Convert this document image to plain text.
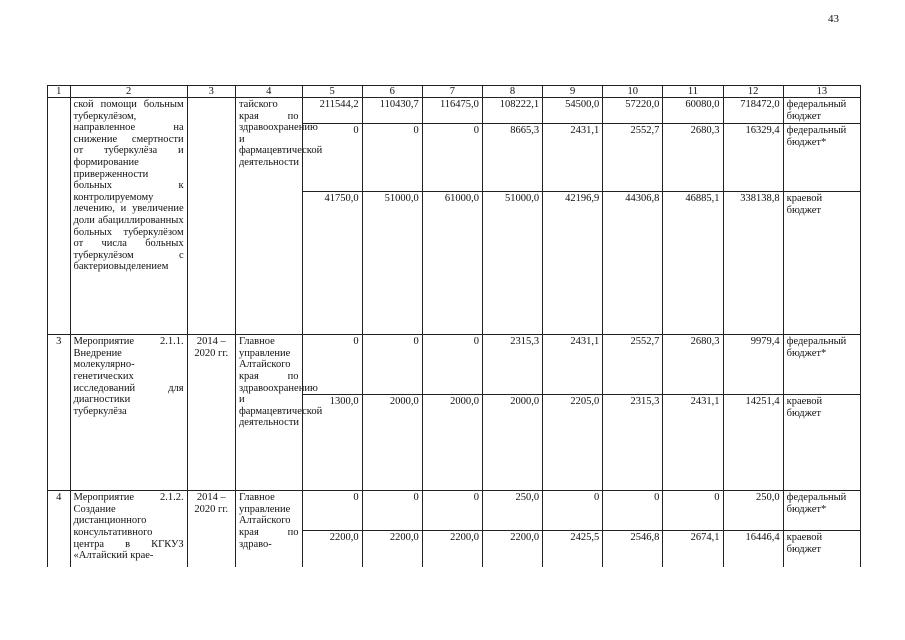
43
1	2	3	4	5	6	7	8	9	10	11	12	13
	ской помощи больным туберкулёзом, направленное на снижение смертности от туберкулёза и формирование приверженности больных к контролируемому лечению, и увеличение доли абациллированных больных туберкулёзом от числа больных туберкулёзом с бактериовыделением		тайского края по здравоохранению и фармацевтической деятельности	211544,2	110430,7	116475,0	108222,1	54500,0	57220,0	60080,0	718472,0	федеральный бюджет
				0	0	0	8665,3	2431,1	2552,7	2680,3	16329,4	федеральный бюджет*
				41750,0	51000,0	61000,0	51000,0	42196,9	44306,8	46885,1	338138,8	краевой бюджет
3	Мероприятие 2.1.1. Внедрение молекулярно-генетических исследований для диагностики туберкулёза	2014 – 2020 гг.	Главное управление Алтайского края по здравоохранению и фармацевтической деятельности	0	0	0	2315,3	2431,1	2552,7	2680,3	9979,4	федеральный бюджет*
				1300,0	2000,0	2000,0	2000,0	2205,0	2315,3	2431,1	14251,4	краевой бюджет
4	Мероприятие 2.1.2. Создание дистанционного консультативного центра в КГКУЗ «Алтайский крае-	2014 – 2020 гг.	Главное управление Алтайского края по здраво-	0	0	0	250,0	0	0	0	250,0	федеральный бюджет*
				2200,0	2200,0	2200,0	2200,0	2425,5	2546,8	2674,1	16446,4	краевой бюджет
